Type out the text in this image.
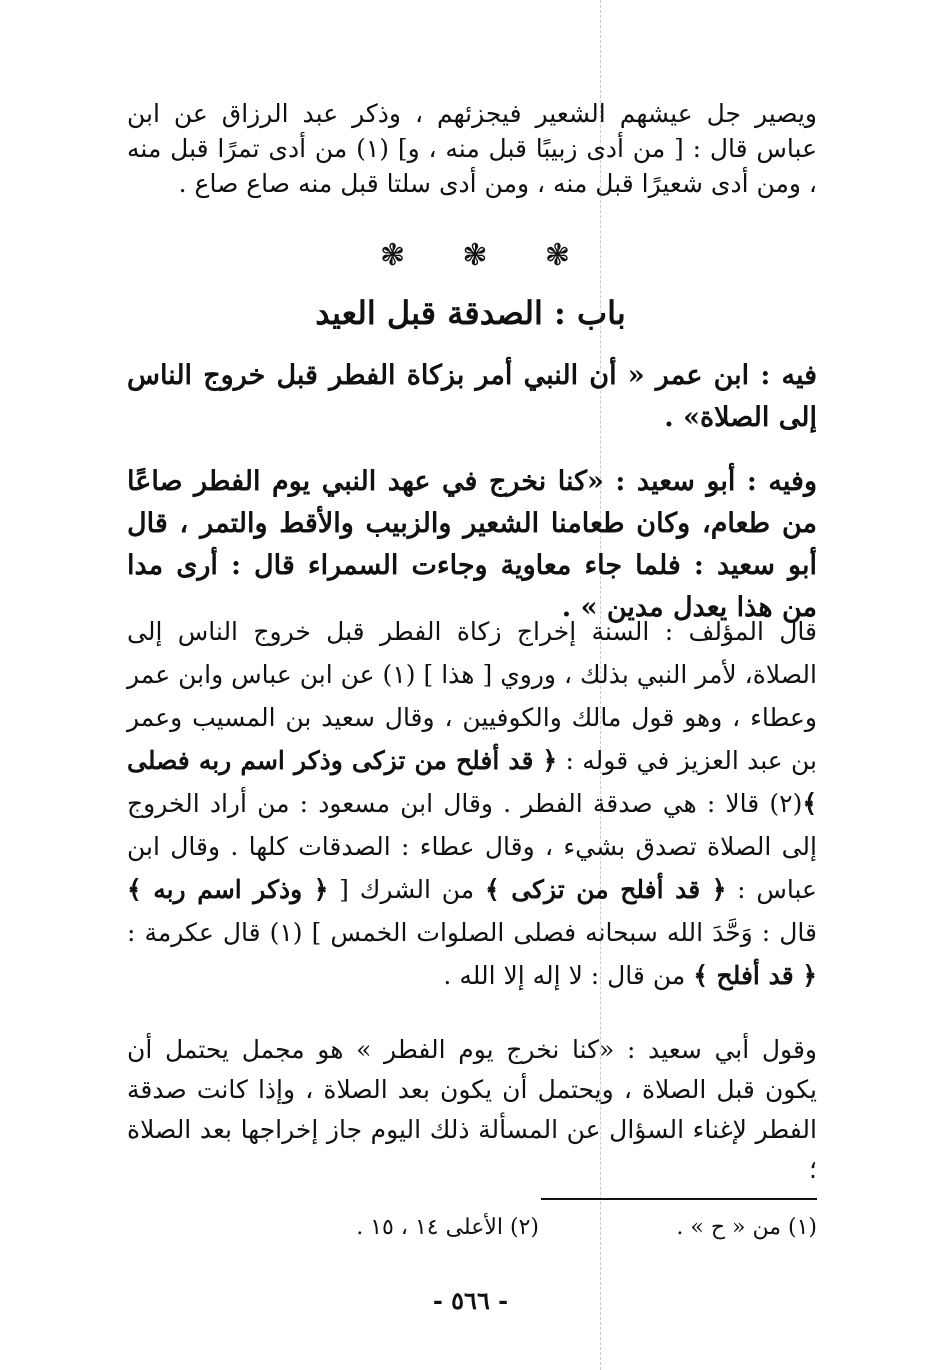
ويصير جل عيشهم الشعير فيجزئهم ، وذكر عبد الرزاق عن ابن عباس قال : [ من أدى زبيبًا قبل منه ، و] (١) من أدى تمرًا قبل منه ، ومن أدى شعيرًا قبل منه ، ومن أدى سلتا قبل منه صاع صاع .

❃ ❃ ❃
باب : الصدقة قبل العيد

فيه : ابن عمر « أن النبي أمر بزكاة الفطر قبل خروج الناس إلى الصلاة» .

وفيه : أبو سعيد : «كنا نخرج في عهد النبي يوم الفطر صاعًا من طعام، وكان طعامنا الشعير والزبيب والأقط والتمر ، قال أبو سعيد : فلما جاء معاوية وجاءت السمراء قال : أرى مدا من هذا يعدل مدين » .

قال المؤلف : السنة إخراج زكاة الفطر قبل خروج الناس إلى الصلاة، لأمر النبي بذلك ، وروي [ هذا ] (١) عن ابن عباس وابن عمر وعطاء ، وهو قول مالك والكوفيين ، وقال سعيد بن المسيب وعمر بن عبد العزيز في قوله : ﴿ قد أفلح من تزكى وذكر اسم ربه فصلى ﴾(٢) قالا : هي صدقة الفطر . وقال ابن مسعود : من أراد الخروج إلى الصلاة تصدق بشيء ، وقال عطاء : الصدقات كلها . وقال ابن عباس : ﴿ قد أفلح من تزكى ﴾ من الشرك [ ﴿ وذكر اسم ربه ﴾ قال : وَحَّدَ الله سبحانه فصلى الصلوات الخمس ] (١) قال عكرمة : ﴿ قد أفلح ﴾ من قال : لا إله إلا الله .

وقول أبي سعيد : «كنا نخرج يوم الفطر » هو مجمل يحتمل أن يكون قبل الصلاة ، ويحتمل أن يكون بعد الصلاة ، وإذا كانت صدقة الفطر لإغناء السؤال عن المسألة ذلك اليوم جاز إخراجها بعد الصلاة ؛

(١) من « ح » .
(٢) الأعلى ١٤ ، ١٥ .
- ٥٦٦ -
